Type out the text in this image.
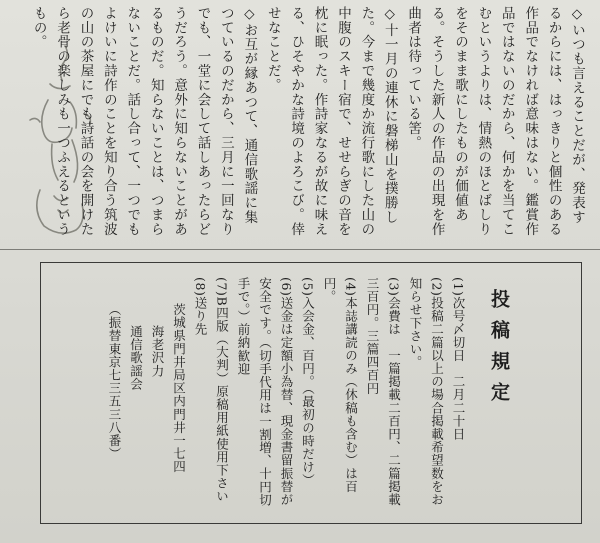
◇いつも言えることだが、発表するからには、はっきりと個性のある作品でなければ意味はない。鑑賞作品ではないのだから、何かを当てこむというよりは、情熱のほとばしりをそのまま歌にしたものが価値ある。そうした新人の作品の出現を作曲者は待っている筈。

◇十一月の連休に磐梯山を撲勝した。今まで幾度か流行歌にした山の中腹のスキー宿で、せせらぎの音を枕に眠った。作詩家なるが故に味える、ひそやかな詩境のよろこび。倖せなことだ。

◇お互が縁あつて、通信歌謡に集つているのだから、三月に一回なりでも、一堂に会して話しあったらどうだろう。意外に知らないことがあるものだ。知らないことは、つまらないことだ。話し合って、一つでもよけいに詩作のことを知り合う筑波の山の茶屋にでも詩話の会を開けたら老骨の楽しみも一つふえるというもの。

投稿規定

(1)次号〆切日　二月二十日

(2)投稿二篇以上の場合掲載希望数をお知らせ下さい。

(3)会費は　一篇掲載二百円、二篇掲載三百円。三篇四百円

(4)本誌講読のみ（休稿も含む）は百円。

(5)入会金、百円。（最初の時だけ）

(6)送金は定額小為替、現金書留振替が安全です。（切手代用は一割増、十円切手で。）前納歓迎

(7)B四版（大判）原稿用紙使用下さい

(8)送り先

茨城県門井局区内門井一七四

海老沢力

通信歌謡会

（振替東京七三五三八番）
